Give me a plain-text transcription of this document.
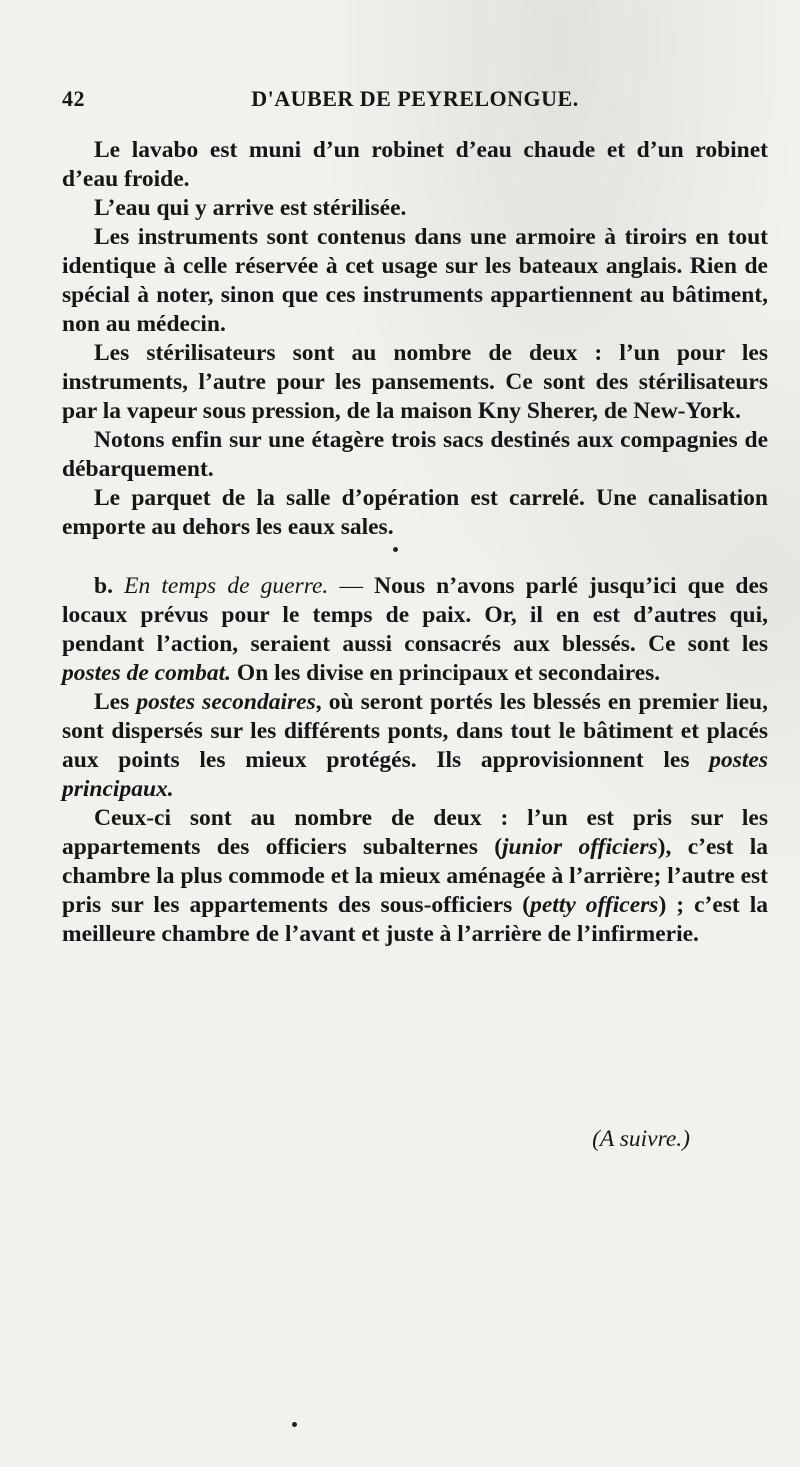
42	D'AUBER DE PEYRELONGUE.

Le lavabo est muni d’un robinet d’eau chaude et d’un robinet d’eau froide.

L’eau qui y arrive est stérilisée.

Les instruments sont contenus dans une armoire à tiroirs en tout identique à celle réservée à cet usage sur les bateaux anglais. Rien de spécial à noter, sinon que ces instruments appartiennent au bâtiment, non au médecin.

Les stérilisateurs sont au nombre de deux : l’un pour les instruments, l’autre pour les pansements. Ce sont des stérilisateurs par la vapeur sous pression, de la maison Kny Sherer, de New-York.

Notons enfin sur une étagère trois sacs destinés aux compagnies de débarquement.

Le parquet de la salle d’opération est carrelé. Une canalisation emporte au dehors les eaux sales.

b. En temps de guerre. — Nous n’avons parlé jusqu’ici que des locaux prévus pour le temps de paix. Or, il en est d’autres qui, pendant l’action, seraient aussi consacrés aux blessés. Ce sont les postes de combat. On les divise en principaux et secondaires.

Les postes secondaires, où seront portés les blessés en premier lieu, sont dispersés sur les différents ponts, dans tout le bâtiment et placés aux points les mieux protégés. Ils approvisionnent les postes principaux.

Ceux-ci sont au nombre de deux : l’un est pris sur les appartements des officiers subalternes (junior officiers), c’est la chambre la plus commode et la mieux aménagée à l’arrière; l’autre est pris sur les appartements des sous-officiers (petty officers) ; c’est la meilleure chambre de l’avant et juste à l’arrière de l’infirmerie.

(A suivre.)
